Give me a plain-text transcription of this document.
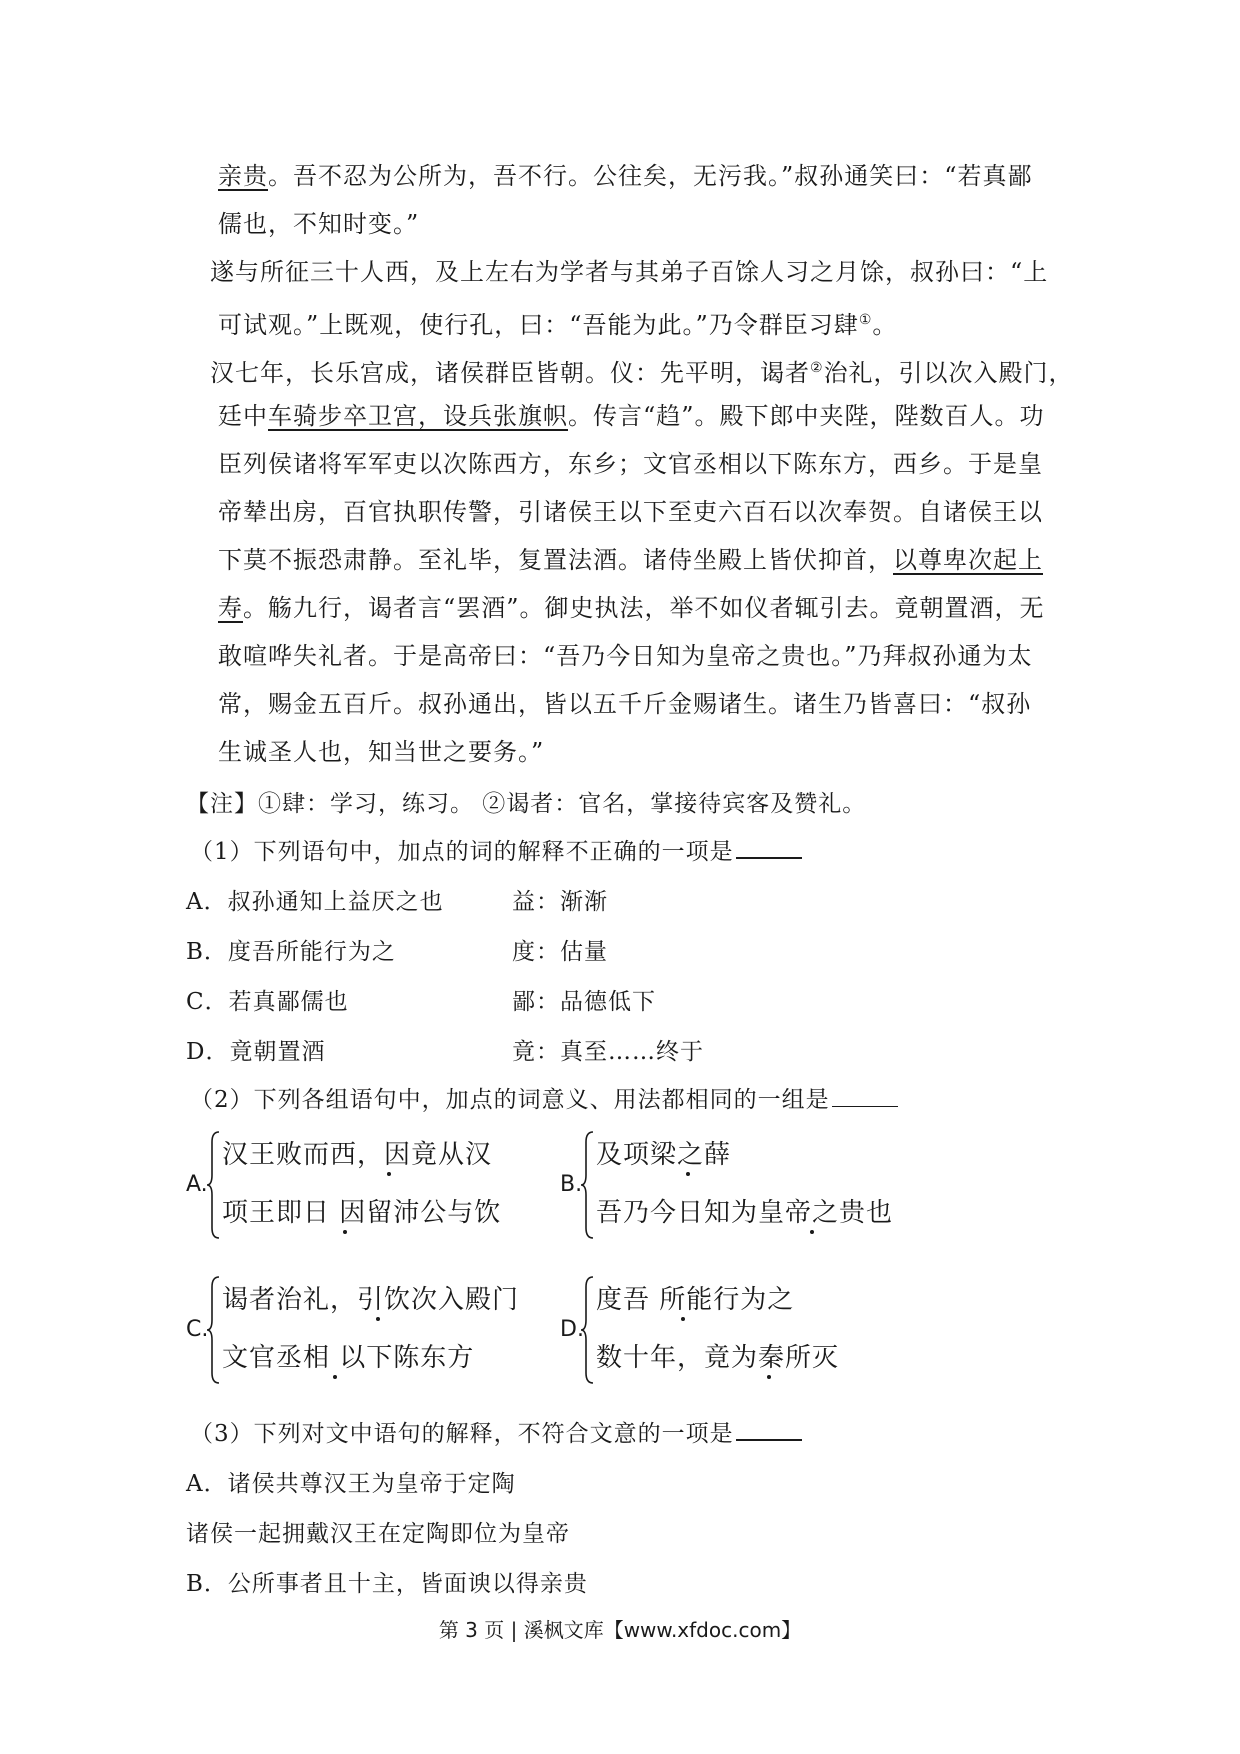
亲贵。吾不忍为公所为，吾不行。公往矣，无污我。”叔孙通笑曰：“若真鄙
儒也，不知时变。”
遂与所征三十人西，及上左右为学者与其弟子百馀人习之月馀，叔孙曰：“上
可试观。”上既观，使行孔，曰：“吾能为此。”乃令群臣习肆①。
汉七年，长乐宫成，诸侯群臣皆朝。仪：先平明，谒者②治礼，引以次入殿门，
廷中车骑步卒卫宫，设兵张旗帜。传言“趋”。殿下郎中夹陛，陛数百人。功
臣列侯诸将军军吏以次陈西方，东乡；文官丞相以下陈东方，西乡。于是皇
帝辇出房，百官执职传警，引诸侯王以下至吏六百石以次奉贺。自诸侯王以
下莫不振恐肃静。至礼毕，复置法酒。诸侍坐殿上皆伏抑首，以尊卑次起上
寿。觞九行，谒者言“罢酒”。御史执法，举不如仪者辄引去。竟朝置酒，无
敢喧哗失礼者。于是高帝曰：“吾乃今日知为皇帝之贵也。”乃拜叔孙通为太
常，赐金五百斤。叔孙通出，皆以五千斤金赐诸生。诸生乃皆喜曰：“叔孙
生诚圣人也，知当世之要务。”
【注】①肆：学习，练习。 ②谒者：官名，掌接待宾客及赞礼。
（1）下列语句中，加点的词的解释不正确的一项是
A．叔孙通知上益厌之也	益：渐渐
B．度吾所能行为之	度：估量
C．若真鄙儒也	鄙：品德低下
D．竟朝置酒	竟：真至……终于
（2）下列各组语句中，加点的词意义、用法都相同的一组是
A.
汉王败而西，因竟从汉
项王即日 因留沛公与饮
B.
及项梁之薛
吾乃今日知为皇帝之贵也
C.
谒者治礼，引饮次入殿门
文官丞相 以下陈东方
D.
度吾 所能行为之
数十年，竟为秦所灭
（3）下列对文中语句的解释，不符合文意的一项是
A．诸侯共尊汉王为皇帝于定陶
诸侯一起拥戴汉王在定陶即位为皇帝
B．公所事者且十主，皆面谀以得亲贵
第 3 页 | 溪枫文库【www.xfdoc.com】
